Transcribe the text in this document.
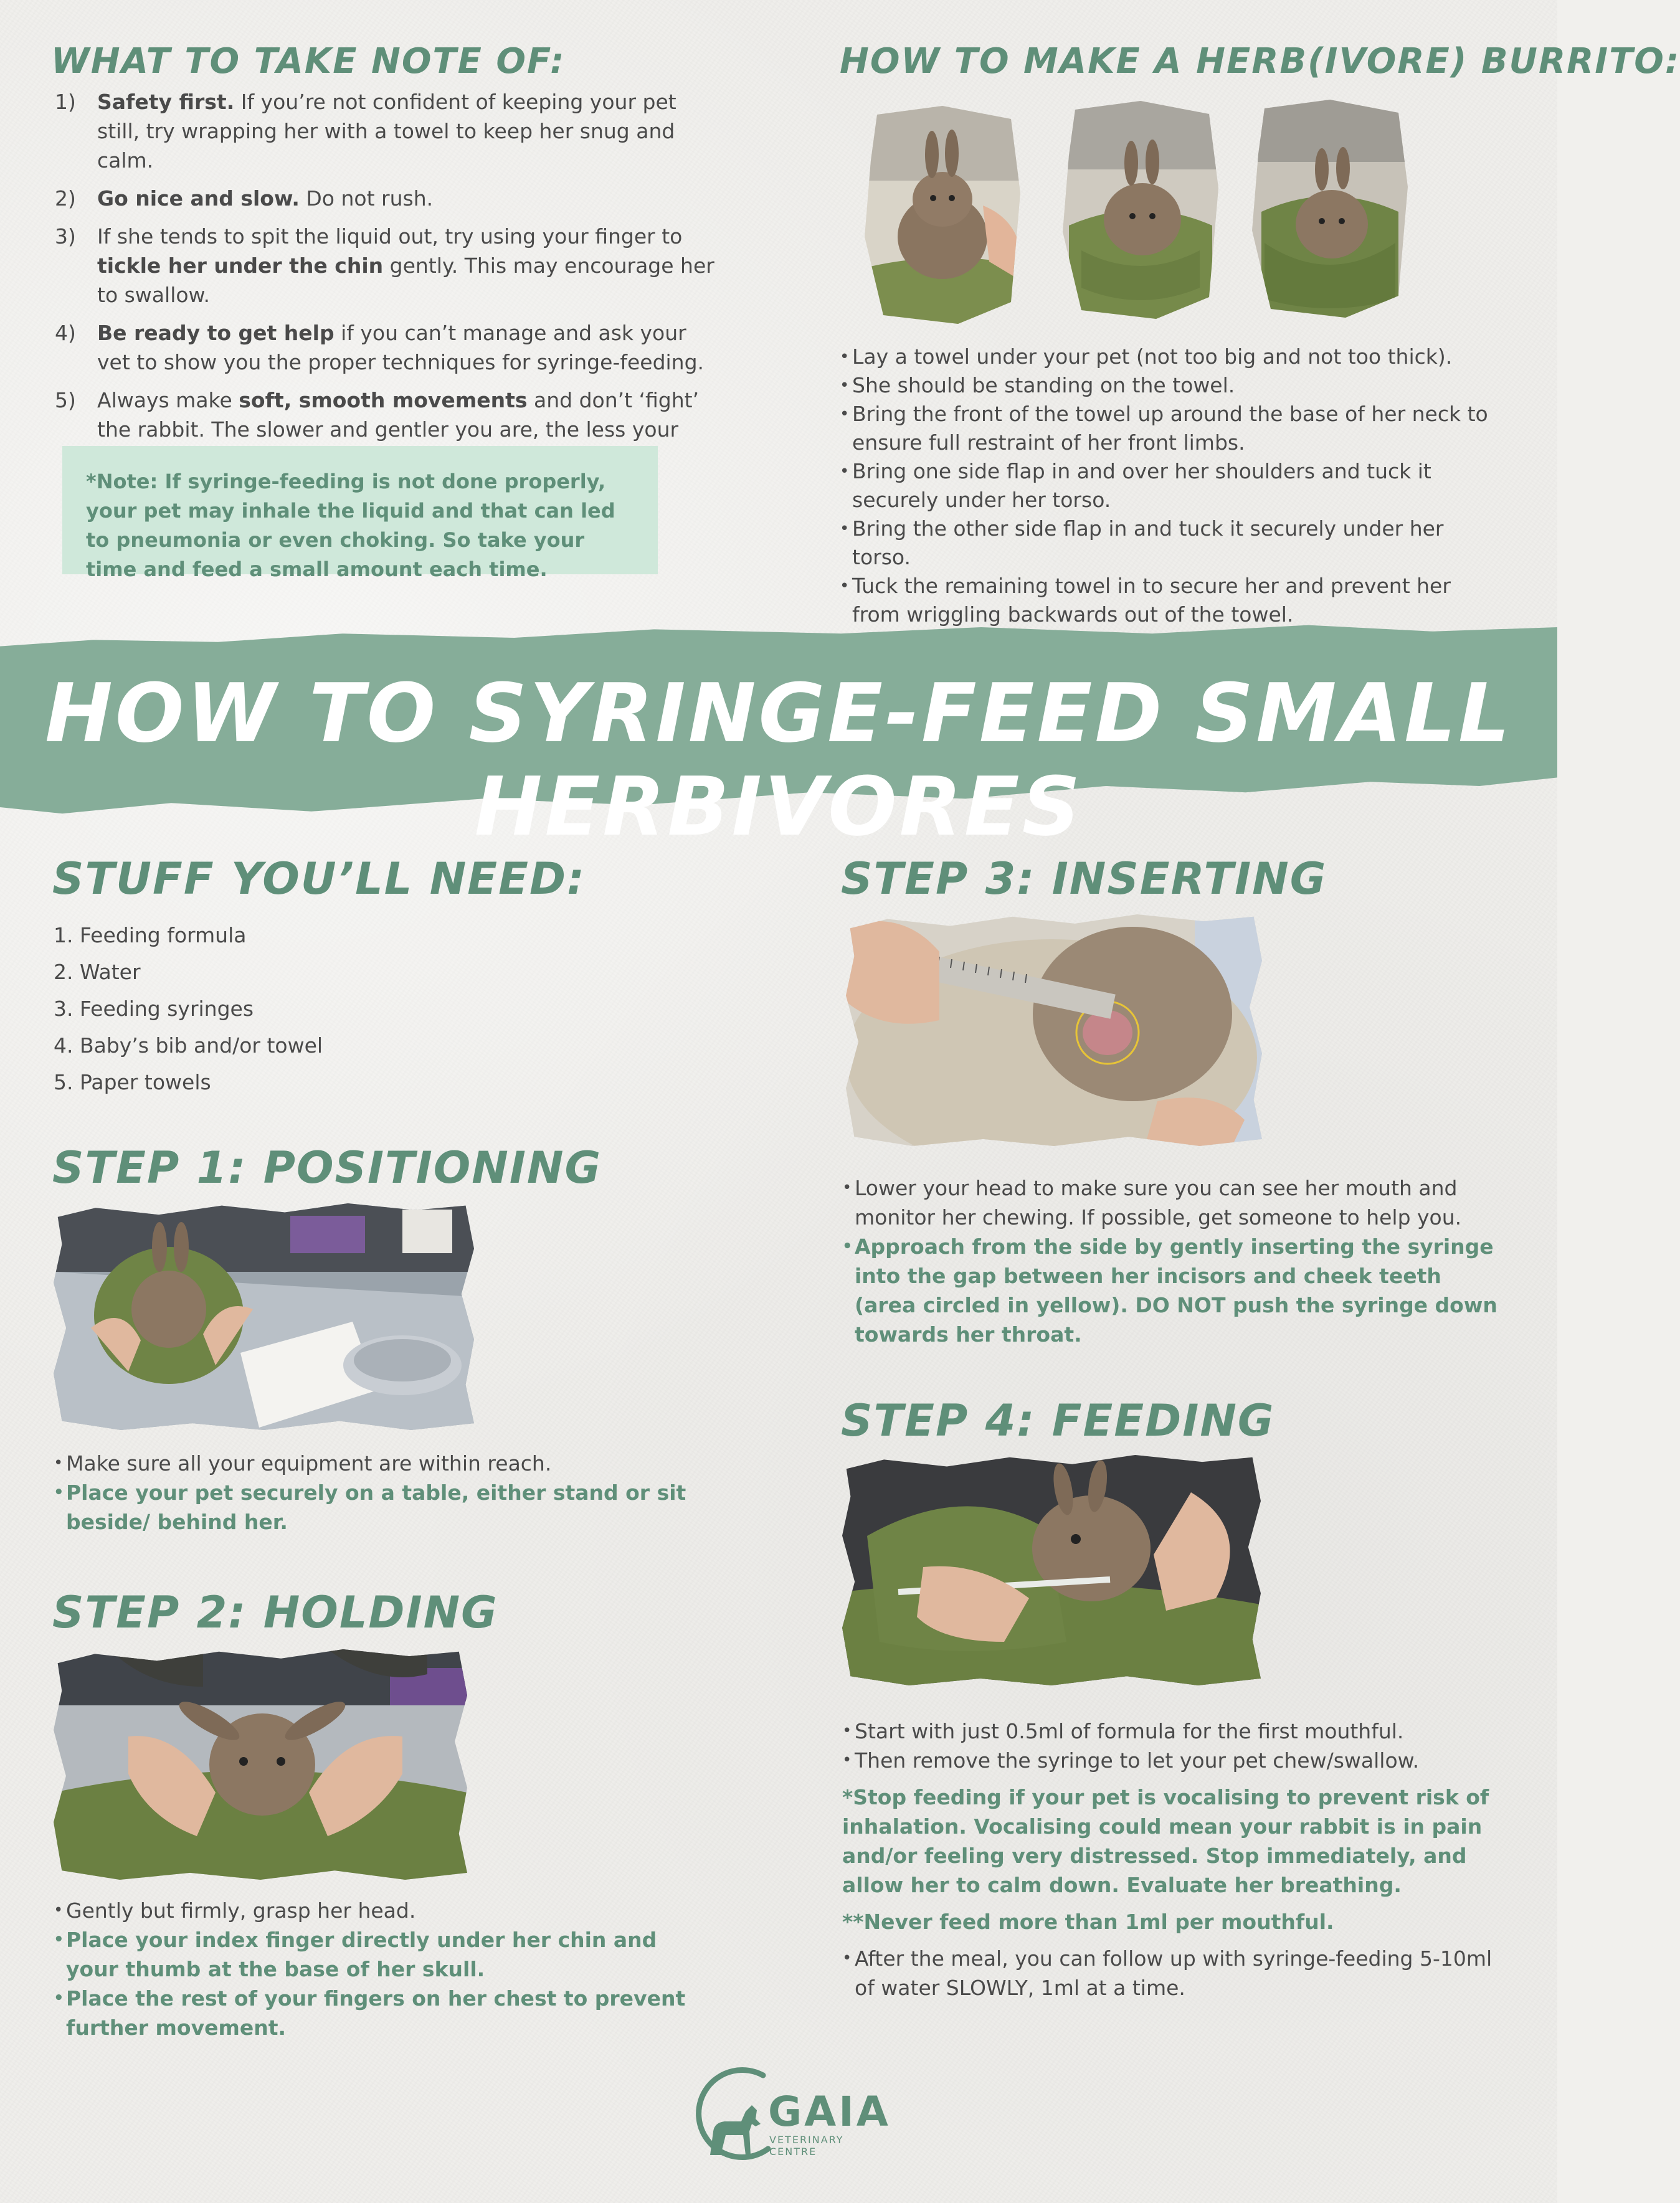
WHAT TO TAKE NOTE OF:
1) Safety first. If you’re not confident of keeping your pet still, try wrapping her with a towel to keep her snug and calm.
2) Go nice and slow. Do not rush.
3) If she tends to spit the liquid out, try using your finger to tickle her under the chin gently. This may encourage her to swallow.
4) Be ready to get help if you can’t manage and ask your vet to show you the proper techniques for syringe-feeding.
5) Always make soft, smooth movements and don’t ‘fight’ the rabbit. The slower and gentler you are, the less your
*Note: If syringe-feeding is not done properly, your pet may inhale the liquid and that can led to pneumonia or even choking. So take your time and feed a small amount each time.
HOW TO MAKE A HERB(IVORE) BURRITO:
• Lay a towel under your pet (not too big and not too thick).
• She should be standing on the towel.
• Bring the front of the towel up around the base of her neck to ensure full restraint of her front limbs.
• Bring one side flap in and over her shoulders and tuck it securely under her torso.
• Bring the other side flap in and tuck it securely under her torso.
• Tuck the remaining towel in to secure her and prevent her from wriggling backwards out of the towel.
HOW TO SYRINGE-FEED SMALL HERBIVORES
STUFF YOU’LL NEED:
1. Feeding formula
2. Water
3. Feeding syringes
4. Baby’s bib and/or towel
5. Paper towels
STEP 1: POSITIONING
• Make sure all your equipment are within reach.
• Place your pet securely on a table, either stand or sit beside/ behind her.
STEP 2: HOLDING
• Gently but firmly, grasp her head.
• Place your index finger directly under her chin and your thumb at the base of her skull.
• Place the rest of your fingers on her chest to prevent further movement.
STEP 3: INSERTING
• Lower your head to make sure you can see her mouth and monitor her chewing. If possible, get someone to help you.
• Approach from the side by gently inserting the syringe into the gap between her incisors and cheek teeth (area circled in yellow). DO NOT push the syringe down towards her throat.
STEP 4: FEEDING
• Start with just 0.5ml of formula for the first mouthful.
• Then remove the syringe to let your pet chew/swallow.
*Stop feeding if your pet is vocalising to prevent risk of inhalation. Vocalising could mean your rabbit is in pain and/or feeling very distressed. Stop immediately, and allow her to calm down. Evaluate her breathing.
**Never feed more than 1ml per mouthful.
• After the meal, you can follow up with syringe-feeding 5-10ml of water SLOWLY, 1ml at a time.

GAIA

VETERINARY CENTRE
